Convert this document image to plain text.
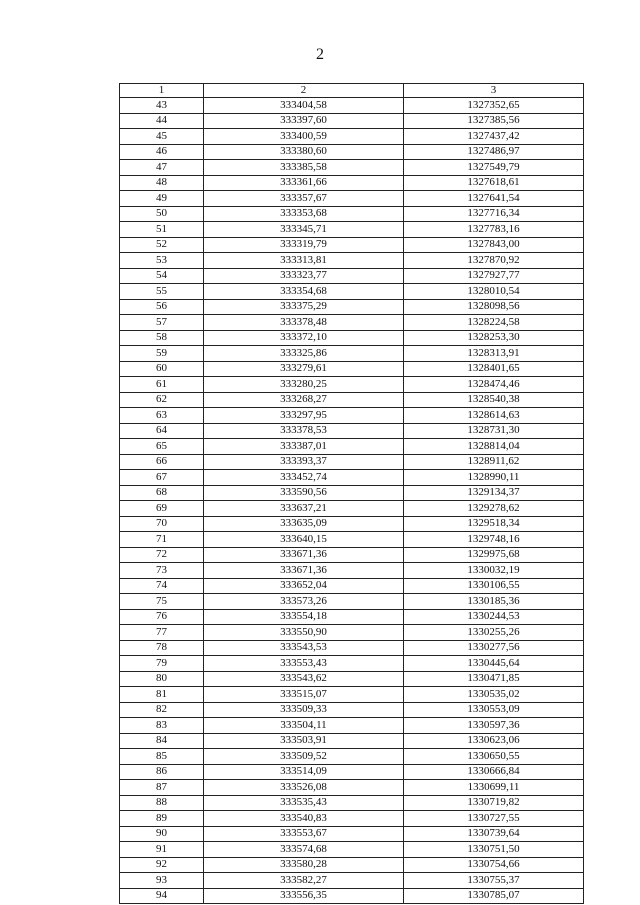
2
1	2	3
43	333404,58	1327352,65
44	333397,60	1327385,56
45	333400,59	1327437,42
46	333380,60	1327486,97
47	333385,58	1327549,79
48	333361,66	1327618,61
49	333357,67	1327641,54
50	333353,68	1327716,34
51	333345,71	1327783,16
52	333319,79	1327843,00
53	333313,81	1327870,92
54	333323,77	1327927,77
55	333354,68	1328010,54
56	333375,29	1328098,56
57	333378,48	1328224,58
58	333372,10	1328253,30
59	333325,86	1328313,91
60	333279,61	1328401,65
61	333280,25	1328474,46
62	333268,27	1328540,38
63	333297,95	1328614,63
64	333378,53	1328731,30
65	333387,01	1328814,04
66	333393,37	1328911,62
67	333452,74	1328990,11
68	333590,56	1329134,37
69	333637,21	1329278,62
70	333635,09	1329518,34
71	333640,15	1329748,16
72	333671,36	1329975,68
73	333671,36	1330032,19
74	333652,04	1330106,55
75	333573,26	1330185,36
76	333554,18	1330244,53
77	333550,90	1330255,26
78	333543,53	1330277,56
79	333553,43	1330445,64
80	333543,62	1330471,85
81	333515,07	1330535,02
82	333509,33	1330553,09
83	333504,11	1330597,36
84	333503,91	1330623,06
85	333509,52	1330650,55
86	333514,09	1330666,84
87	333526,08	1330699,11
88	333535,43	1330719,82
89	333540,83	1330727,55
90	333553,67	1330739,64
91	333574,68	1330751,50
92	333580,28	1330754,66
93	333582,27	1330755,37
94	333556,35	1330785,07
